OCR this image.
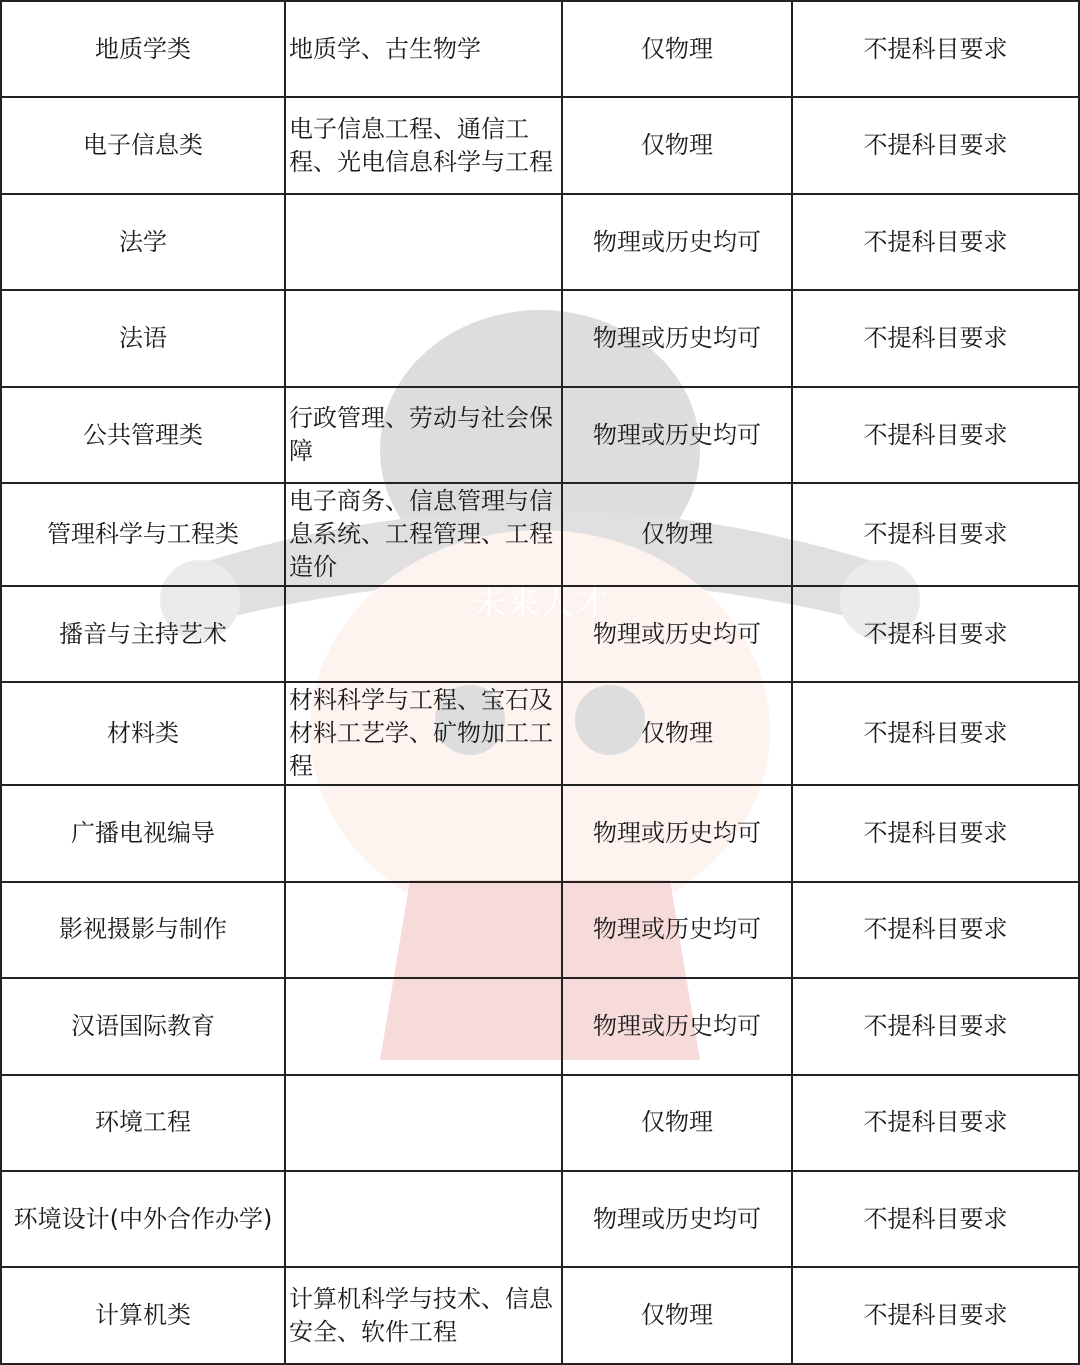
未来人才
地质学类	地质学、古生物学	仅物理	不提科目要求
电子信息类	电子信息工程、通信工程、光电信息科学与工程	仅物理	不提科目要求
法学		物理或历史均可	不提科目要求
法语		物理或历史均可	不提科目要求
公共管理类	行政管理、劳动与社会保障	物理或历史均可	不提科目要求
管理科学与工程类	电子商务、信息管理与信息系统、工程管理、工程造价	仅物理	不提科目要求
播音与主持艺术		物理或历史均可	不提科目要求
材料类	材料科学与工程、宝石及材料工艺学、矿物加工工程	仅物理	不提科目要求
广播电视编导		物理或历史均可	不提科目要求
影视摄影与制作		物理或历史均可	不提科目要求
汉语国际教育		物理或历史均可	不提科目要求
环境工程		仅物理	不提科目要求
环境设计(中外合作办学)		物理或历史均可	不提科目要求
计算机类	计算机科学与技术、信息安全、软件工程	仅物理	不提科目要求
